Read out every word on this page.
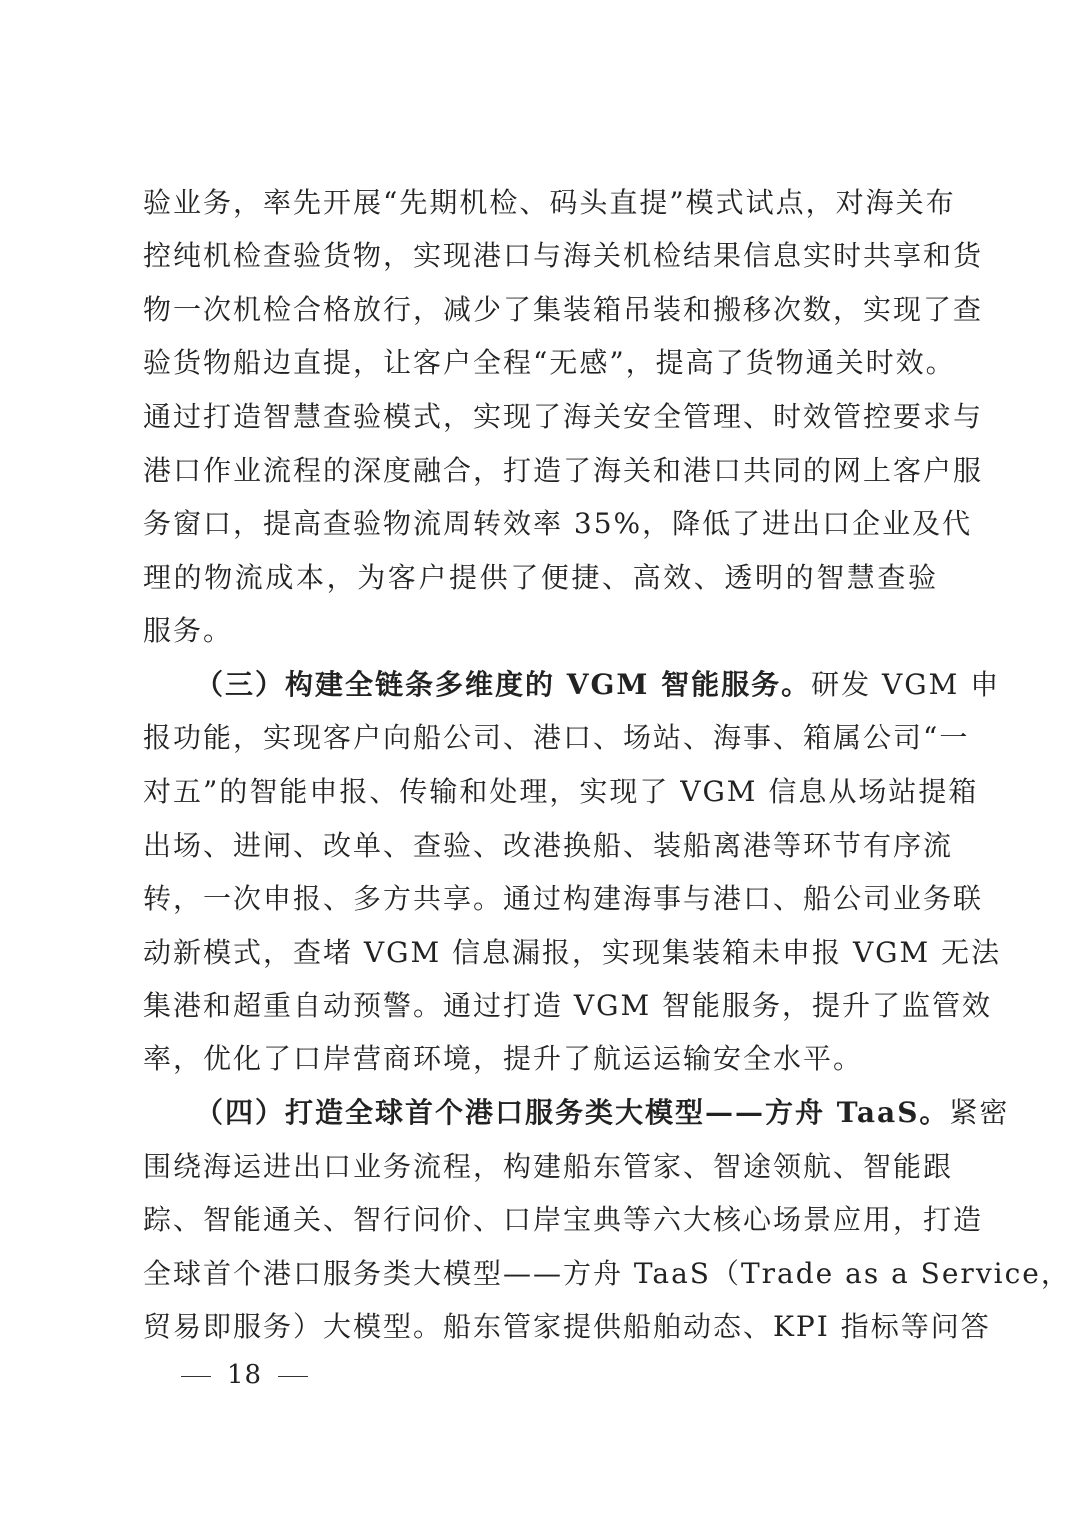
验业务，率先开展“先期机检、码头直提”模式试点，对海关布
控纯机检查验货物，实现港口与海关机检结果信息实时共享和货
物一次机检合格放行，减少了集装箱吊装和搬移次数，实现了查
验货物船边直提，让客户全程“无感”，提高了货物通关时效。
通过打造智慧查验模式，实现了海关安全管理、时效管控要求与
港口作业流程的深度融合，打造了海关和港口共同的网上客户服
务窗口，提高查验物流周转效率 35%，降低了进出口企业及代
理的物流成本，为客户提供了便捷、高效、透明的智慧查验
服务。
（三）构建全链条多维度的 VGM 智能服务。研发 VGM 申
报功能，实现客户向船公司、港口、场站、海事、箱属公司“一
对五”的智能申报、传输和处理，实现了 VGM 信息从场站提箱
出场、进闸、改单、查验、改港换船、装船离港等环节有序流
转，一次申报、多方共享。通过构建海事与港口、船公司业务联
动新模式，查堵 VGM 信息漏报，实现集装箱未申报 VGM 无法
集港和超重自动预警。通过打造 VGM 智能服务，提升了监管效
率，优化了口岸营商环境，提升了航运运输安全水平。
（四）打造全球首个港口服务类大模型——方舟 TaaS。紧密
围绕海运进出口业务流程，构建船东管家、智途领航、智能跟
踪、智能通关、智行问价、口岸宝典等六大核心场景应用，打造
全球首个港口服务类大模型——方舟 TaaS（Trade as a Service，
贸易即服务）大模型。船东管家提供船舶动态、KPI 指标等问答
18
